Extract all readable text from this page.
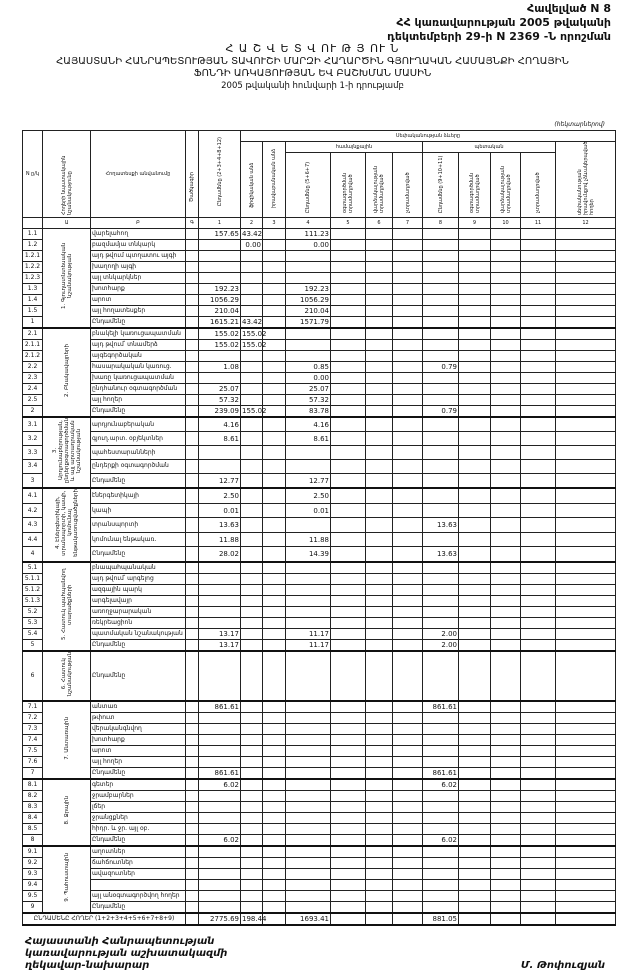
Հավելված N 8
ՀՀ կառավարության 2005 թվականի
դեկտեմբերի 29-ի N 2369 -Ն որոշման
Հ Ա Շ Վ Ե Տ Վ ՈՒ Թ Յ ՈՒ Ն
ՀԱՅԱՍՏԱՆԻ ՀԱՆՐԱՊԵՏՈՒԹՅԱՆ ՏԱՎՈՒՇԻ ՄԱՐԶԻ ՀԱՂԱՐԾԻՆ ԳՅՈՒՂԱԿԱՆ ՀԱՄԱՅՆՔԻ ՀՈՂԱՅԻՆ
ՖՈՆԴԻ ԱՌԿԱՅՈՒԹՅԱՆ ԵՎ ԲԱՇԽՄԱՆ ՄԱՍԻՆ
2005 թվականի հունվարի 1-ի դրությամբ
(հեկտարներով)
N ը/կ	Հողերի նպատակային նշանակությունը	Հողատեսքի անվանումը	Ծածկագիր	Ընդամենը (2+3+4+8+12)	Սեփականության ձևերը										
					ֆիզիկական անձ	իրավաբանական անձ	համայնքային				պետական				սեփականության իրավունքով չձևակերպված հողեր
							Ընդամենը (5+6+7)	օգտագործման տրամադրված	վարձակալության տրամադրված	չտրամադրված	Ընդամենը (9+10+11)	օգտագործման տրամադրված	վարձակալության տրամադրված	չտրամադրված	
	Ա	Բ	Գ	1	2	3	4	5	6	7	8	9	10	11	12
1.1	1. Գյուղատնտեսական նշանակության	վարելահող		157.65	43.42		111.23								
1.2		բազմամյա տնկարկ			0.00		0.00								
1.2.1		այդ թվում պտղատու այգի													
1.2.2		խաղողի այգի													
1.2.3		այլ տնկարկներ													
1.3		խոտհարք		192.23			192.23								
1.4		արոտ		1056.29			1056.29								
1.5		այլ հողատեսքեր		210.04			210.04								
1		Ընդամենը		1615.21	43.42		1571.79								
2.1	2. Բնակավայրերի	բնակելի կառուցապատման		155.02	155.02										
2.1.1		այդ թվում՝ տնամերձ		155.02	155.02										
2.1.2		այգեգործական													
2.2		հասարակական կառուց.		1.08			0.85				0.79				
2.3		խառը կառուցապատման					0.00								
2.4		ընդհանուր օգտագործման		25.07			25.07								
2.5		այլ հողեր		57.32			57.32								
2		Ընդամենը		239.09	155.02		83.78				0.79				
3.1	3. Արդյունաբերության, ընդերքօգտագործման և այլ արտադրական նշանակության	արդյունաբերական		4.16			4.16								
3.2		գյուղ.արտ. օբյեկտներ		8.61			8.61								
3.3		պահեստարանների													
3.4		ընդերքի օգտագործման													
3		Ընդամենը		12.77			12.77								
4.1	4. Էներգետիկայի, տրանսպորտի, կապի, կոմունալ ենթակառուցվածքների	էներգետիկայի		2.50			2.50								
4.2		կապի		0.01			0.01								
4.3		տրանսպորտի		13.63							13.63				
4.4		կոմունալ ենթակառ.		11.88			11.88								
4		Ընդամենը		28.02			14.39				13.63				
5.1	5. Հատուկ պահպանվող տարածքների	բնապահպանական													
5.1.1		այդ թվում՝ արգելոց													
5.1.2		ազգային պարկ													
5.1.3		արգելավայր													
5.2		առողջարարական													
5.3		ռեկրեացիոն													
5.4		պատմական նշանակության		13.17			11.17				2.00				
5		Ընդամենը		13.17			11.17				2.00				
6	6. Հատուկ նշանակության	Ընդամենը													
7.1	7. Անտառային	անտառ		861.61							861.61				
7.2		թփուտ													
7.3		վերականգնվող													
7.4		խոտհարք													
7.5		արոտ													
7.6		այլ հողեր													
7		Ընդամենը		861.61							861.61				
8.1	8. Ջրային	գետեր		6.02							6.02				
8.2		ջրամբարներ													
8.3		լճեր													
8.4		ջրանցքներ													
8.5		հիդր. և ջր. այլ օբ.													
8		Ընդամենը		6.02							6.02				
9.1	9. Պահուստային	աղուտներ													
9.2		ճահճուտներ													
9.3		ավազուտներ													
9.4															
9.5		այլ անօգտագործվող հողեր													
9		Ընդամենը													
ԸՆԴԱՄԵՆԸ ՀՈՂԵՐ (1+2+3+4+5+6+7+8+9)				2775.69	198.44		1693.41				881.05				
Հայաստանի Հանրապետության
կառավարության աշխատակազմի
ղեկավար-նախարար	Մ. Թոփուզյան
